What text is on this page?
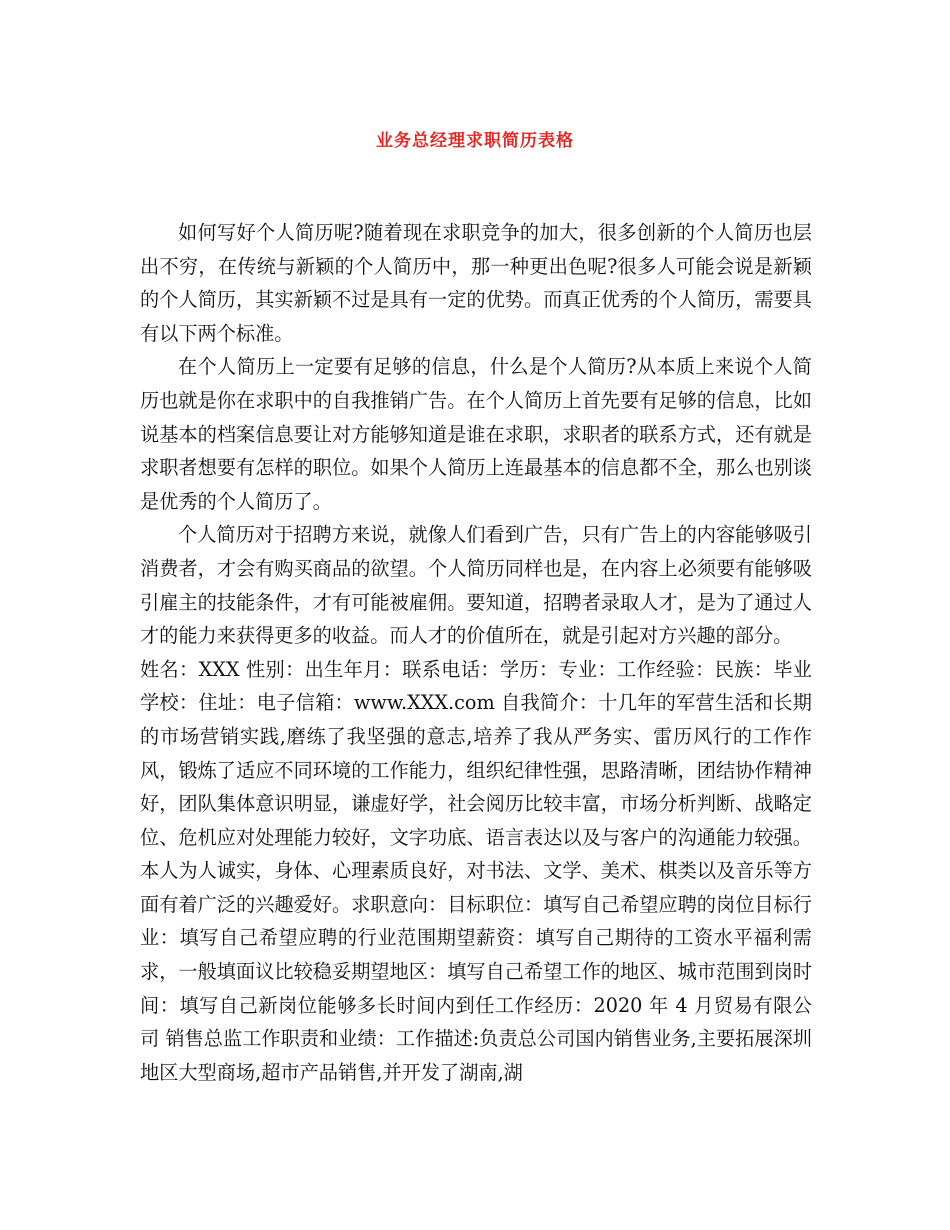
业务总经理求职简历表格

如何写好个人简历呢?随着现在求职竞争的加大，很多创新的个人简历也层出不穷，在传统与新颖的个人简历中，那一种更出色呢?很多人可能会说是新颖的个人简历，其实新颖不过是具有一定的优势。而真正优秀的个人简历，需要具有以下两个标准。

在个人简历上一定要有足够的信息，什么是个人简历?从本质上来说个人简历也就是你在求职中的自我推销广告。在个人简历上首先要有足够的信息，比如说基本的档案信息要让对方能够知道是谁在求职，求职者的联系方式，还有就是求职者想要有怎样的职位。如果个人简历上连最基本的信息都不全，那么也别谈是优秀的个人简历了。

个人简历对于招聘方来说，就像人们看到广告，只有广告上的内容能够吸引消费者，才会有购买商品的欲望。个人简历同样也是，在内容上必须要有能够吸引雇主的技能条件，才有可能被雇佣。要知道，招聘者录取人才，是为了通过人才的能力来获得更多的收益。而人才的价值所在，就是引起对方兴趣的部分。

姓名：XXX 性别：出生年月：联系电话：学历：专业：工作经验：民族：毕业学校：住址：电子信箱：www.XXX.com 自我简介：十几年的军营生活和长期的市场营销实践,磨练了我坚强的意志,培养了我从严务实、雷历风行的工作作风，锻炼了适应不同环境的工作能力，组织纪律性强，思路清晰，团结协作精神好，团队集体意识明显，谦虚好学，社会阅历比较丰富，市场分析判断、战略定位、危机应对处理能力较好，文字功底、语言表达以及与客户的沟通能力较强。本人为人诚实，身体、心理素质良好，对书法、文学、美术、棋类以及音乐等方面有着广泛的兴趣爱好。求职意向：目标职位：填写自己希望应聘的岗位目标行业：填写自己希望应聘的行业范围期望薪资：填写自己期待的工资水平福利需求，一般填面议比较稳妥期望地区：填写自己希望工作的地区、城市范围到岗时间：填写自己新岗位能够多长时间内到任工作经历：2020 年 4 月贸易有限公司 销售总监工作职责和业绩：工作描述:负责总公司国内销售业务,主要拓展深圳地区大型商场,超市产品销售,并开发了湖南,湖
